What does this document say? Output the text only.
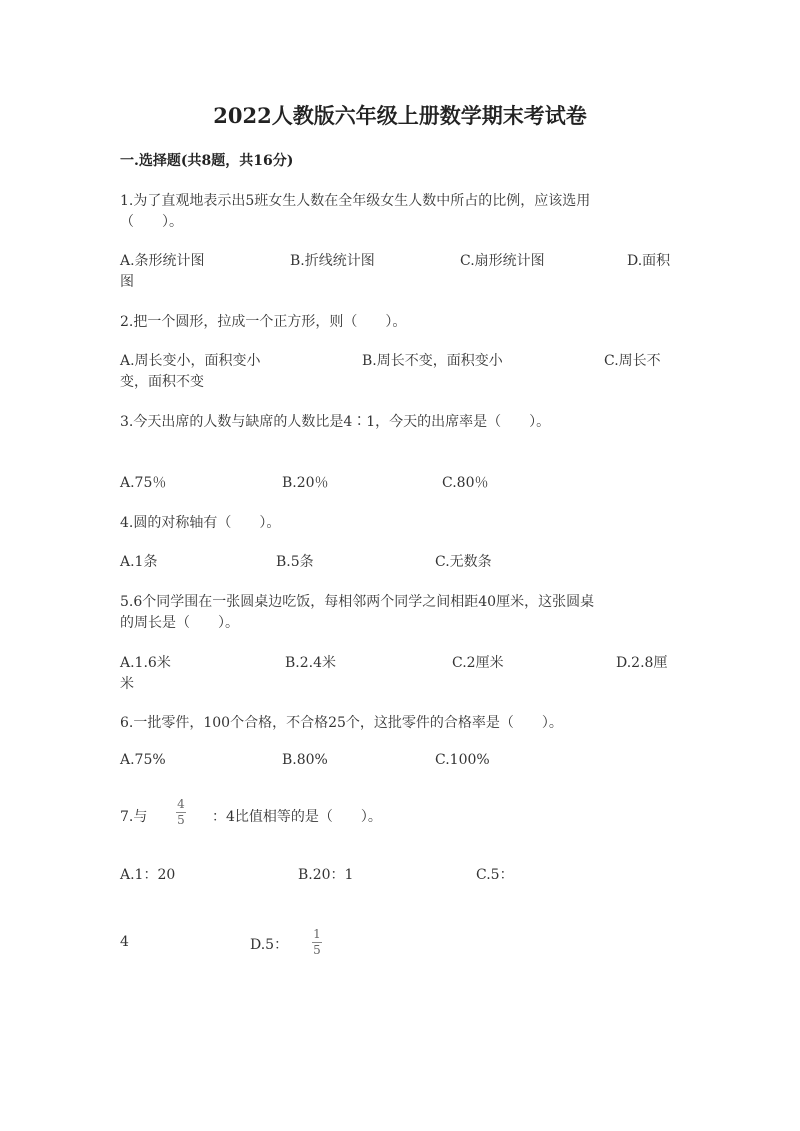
2022人教版六年级上册数学期末考试卷
一.选择题(共8题，共16分)
1.为了直观地表示出5班女生人数在全年级女生人数中所占的比例，应该选用
（　　）。
A.条形统计图	B.折线统计图	C.扇形统计图	D.面积
图
2.把一个圆形，拉成一个正方形，则（　　）。
A.周长变小，面积变小	B.周长不变，面积变小	C.周长不
变，面积不变
3.今天出席的人数与缺席的人数比是4∶1，今天的出席率是（　　）。
A.75％	B.20％	C.80％
4.圆的对称轴有（　　）。
A.1条	B.5条	C.无数条
5.6个同学围在一张圆桌边吃饭，每相邻两个同学之间相距40厘米，这张圆桌
的周长是（　　）。
A.1.6米	B.2.4米	C.2厘米	D.2.8厘
米
6.一批零件，100个合格，不合格25个，这批零件的合格率是（　　）。
A.75%	B.80%	C.100%
7.与
4
5 ：4比值相等的是（　　）。
A.1：20	B.20：1	C.5：
4	D.5：
1
5
